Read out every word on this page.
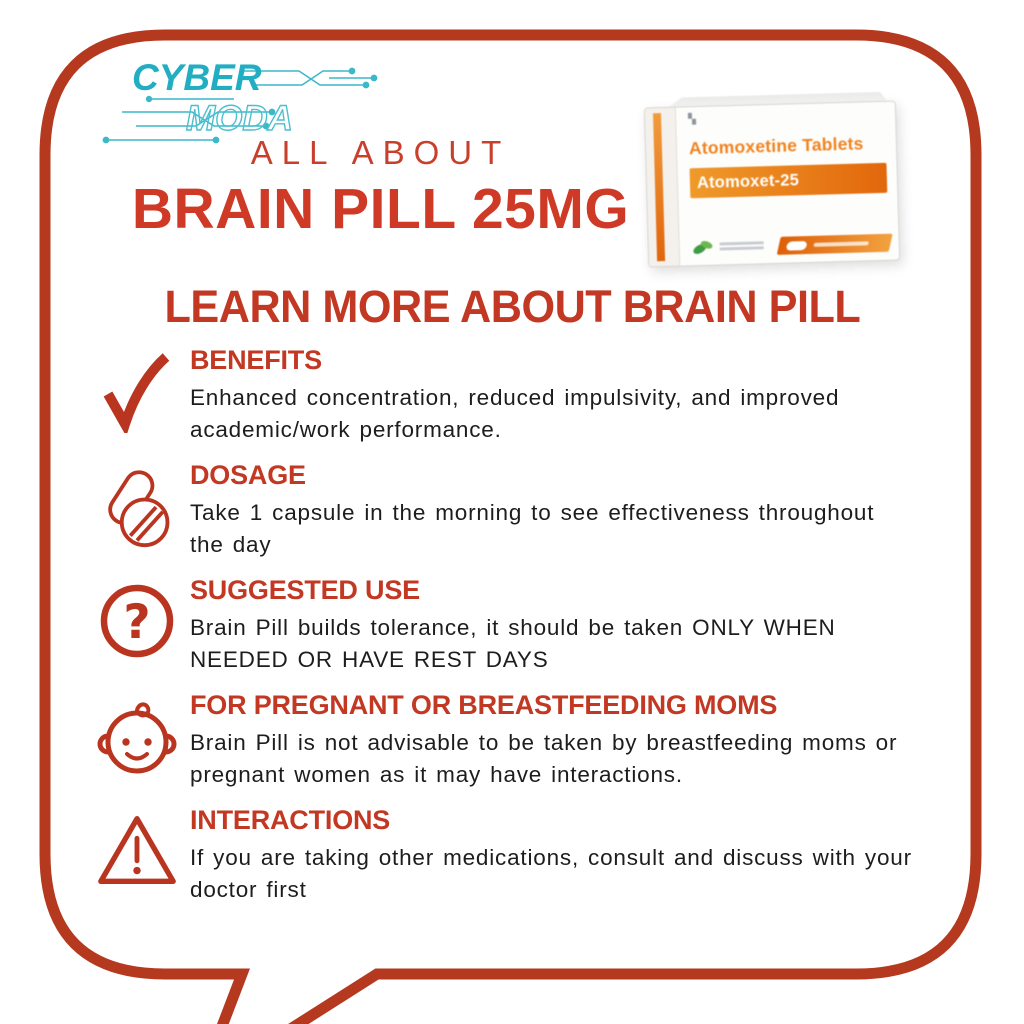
CYBER
MODA
ALL ABOUT
BRAIN PILL 25MG
▚
Atomoxetine Tablets
Atomoxet-25
LEARN MORE ABOUT BRAIN PILL
BENEFITS
Enhanced concentration, reduced impulsivity, and improved academic/work performance.
DOSAGE
Take 1 capsule in the morning to see effectiveness throughout the day
?
SUGGESTED USE
Brain Pill builds tolerance, it should be taken ONLY WHEN NEEDED OR HAVE REST DAYS
FOR PREGNANT OR BREASTFEEDING MOMS
Brain Pill is not advisable to be taken by breastfeeding moms or pregnant women as it may have interactions.
INTERACTIONS
If you are taking other medications, consult and discuss with your doctor first
